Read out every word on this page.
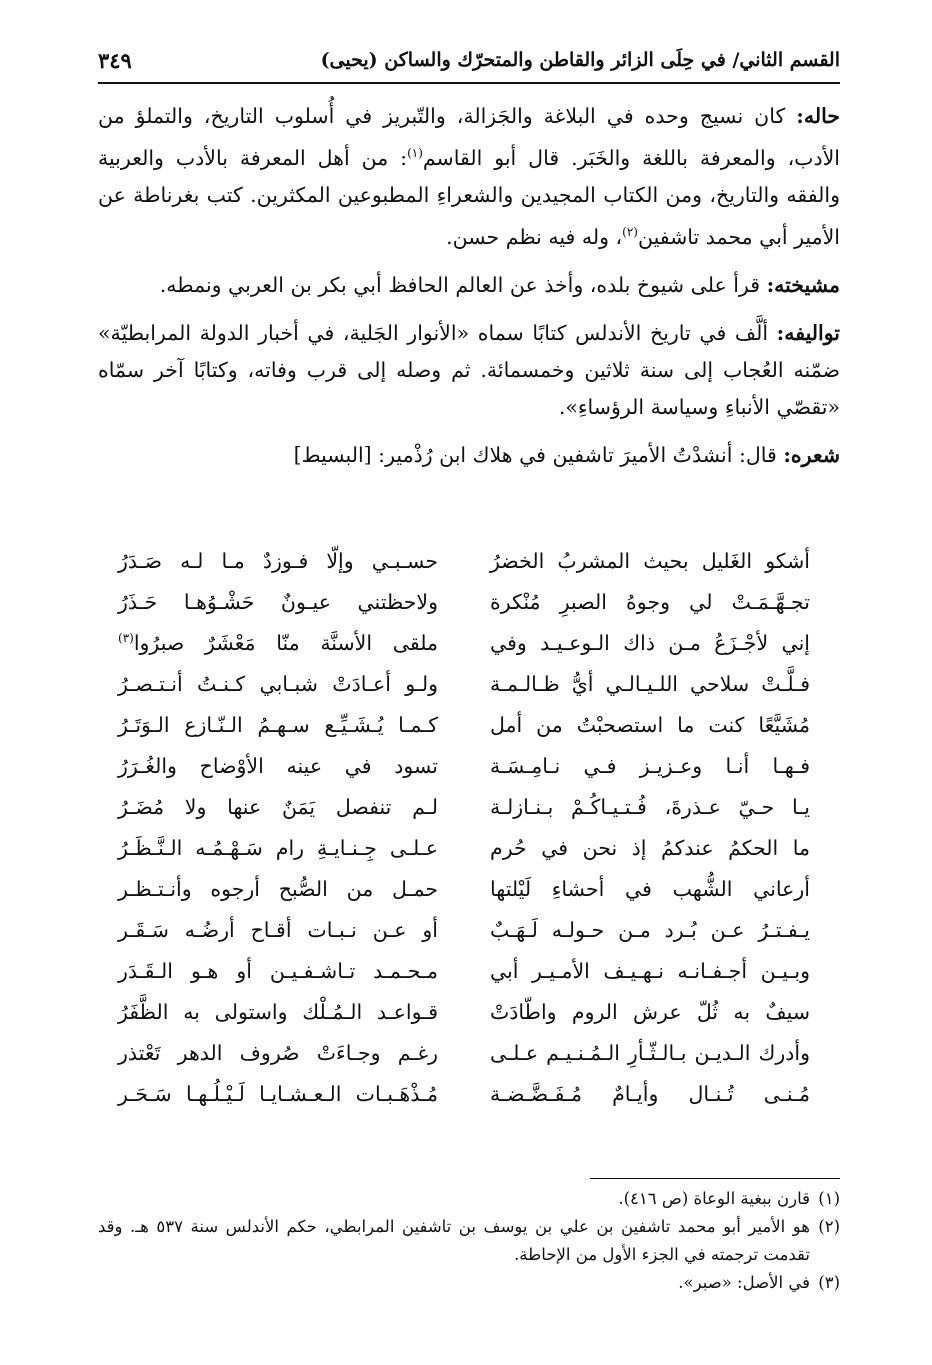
القسم الثاني/ في حِلَى الزائر والقاطن والمتحرّك والساكن (يحيى)
٣٤٩

حاله: كان نسيج وحده في البلاغة والجَزالة، والتّبريز في أُسلوب التاريخ، والتملؤ من الأدب، والمعرفة باللغة والخَبَر. قال أبو القاسم$^{(١)}$: من أهل المعرفة بالأدب والعربية والفقه والتاريخ، ومن الكتاب المجيدين والشعراءِ المطبوعين المكثرين. كتب بغرناطة عن الأمير أبي محمد تاشفين$^{(٢)}$، وله فيه نظم حسن.

مشيخته: قرأ على شيوخ بلده، وأخذ عن العالم الحافظ أبي بكر بن العربي ونمطه.

تواليفه: ألَّف في تاريخ الأندلس كتابًا سماه «الأنوار الجَلية، في أخبار الدولة المرابطيّة» ضمّنه العُجاب إلى سنة ثلاثين وخمسمائة. ثم وصله إلى قرب وفاته، وكتابًا آخر سمّاه «تقصّي الأنباءِ وسياسة الرؤساءِ».

شعره: قال: أنشدْتُ الأميرَ تاشفين في هلاك ابن رُذْمير: [البسيط]

أشكو الغَليل بحيث المشربُ الخضرُ
حسـبـي وإلّا فـوزدٌ مـا لـه صَـدَرُ
تجـهَّـمَـتْ لي وجوهُ الصبرِ مُنْكرة
ولاحظتني عيـونٌ حَشْـوُهـا حَـذَرُ
إني لأجْـزَعُ مـن ذاك الـوعـيـد وفي
ملقى الأسنَّة منّا مَعْشَرٌ صبرُوا$^{(٣)}$
فـلَّـتْ سلاحي اللـيـالـي أيُّ ظـالـمـة
ولـو أعـادَتْ شبـابي كـنـتُ أنـتـصـرُ
مُشَيَّعًا كنت ما استصحبْتُ من أمل
كـمـا يُـشَـيِّـع سـهـمُ الـنّـازع الـوَتَـرُ
فـهـا أنـا وعـزيـز فـي نـامِـسَـة
تسود في عينه الأوْضاح والغُـرَرُ
يـا حـيّ عـذرةَ، فُـتـيـاكُـمْ بـنـازلـة
لـم تنفصل يَمَنٌ عنها ولا مُضَـرُ
ما الحكمُ عندكمُ إذ نحن في حُرم
عـلـى جِـنـايـةِ رام سَـهْـمُـه الـنَّـظَـرُ
أرعاني الشُّهب في أحشاءِ لَيْلتها
حمـل من الصُّبح أرجوه وأنـتـظـر
يـفـتـرُ عـن بُـرد مـن حـولـه لَـهَـبٌ
أو عـن نـبـات أقـاح أرضُـه سَـقَـر
وبـيـن أجـفـانـه نـهـيـف الأمـيـر أبي
مـحـمـد تـاشـفـيـن أو هـو الـقَـدَر
سيفٌ به ثُلّ عرش الروم واطّادَتْ
قـواعـد الـمُـلْك واستولى به الظَّفَرُ
وأدرك الـديـن بـالـثّـأرِ الـمُـنـيـم عـلـى
رغـم وجـاءَتْ صُروف الدهر تَعْتذر
مُـنـى تُـنـال وأيـامٌ مُـفَـضَّـضـة
مُـذْهَـبـات الـعـشـايـا لَـيْـلُـهـا سَـحَـر

(١)
قارن ببغية الوعاة (ص ٤١٦).

(٢)
هو الأمير أبو محمد تاشفين بن علي بن يوسف بن تاشفين المرابطي، حكم الأندلس سنة ٥٣٧ هـ. وقد تقدمت ترجمته في الجزء الأول من الإحاطة.

(٣)
في الأصل: «صبر».
